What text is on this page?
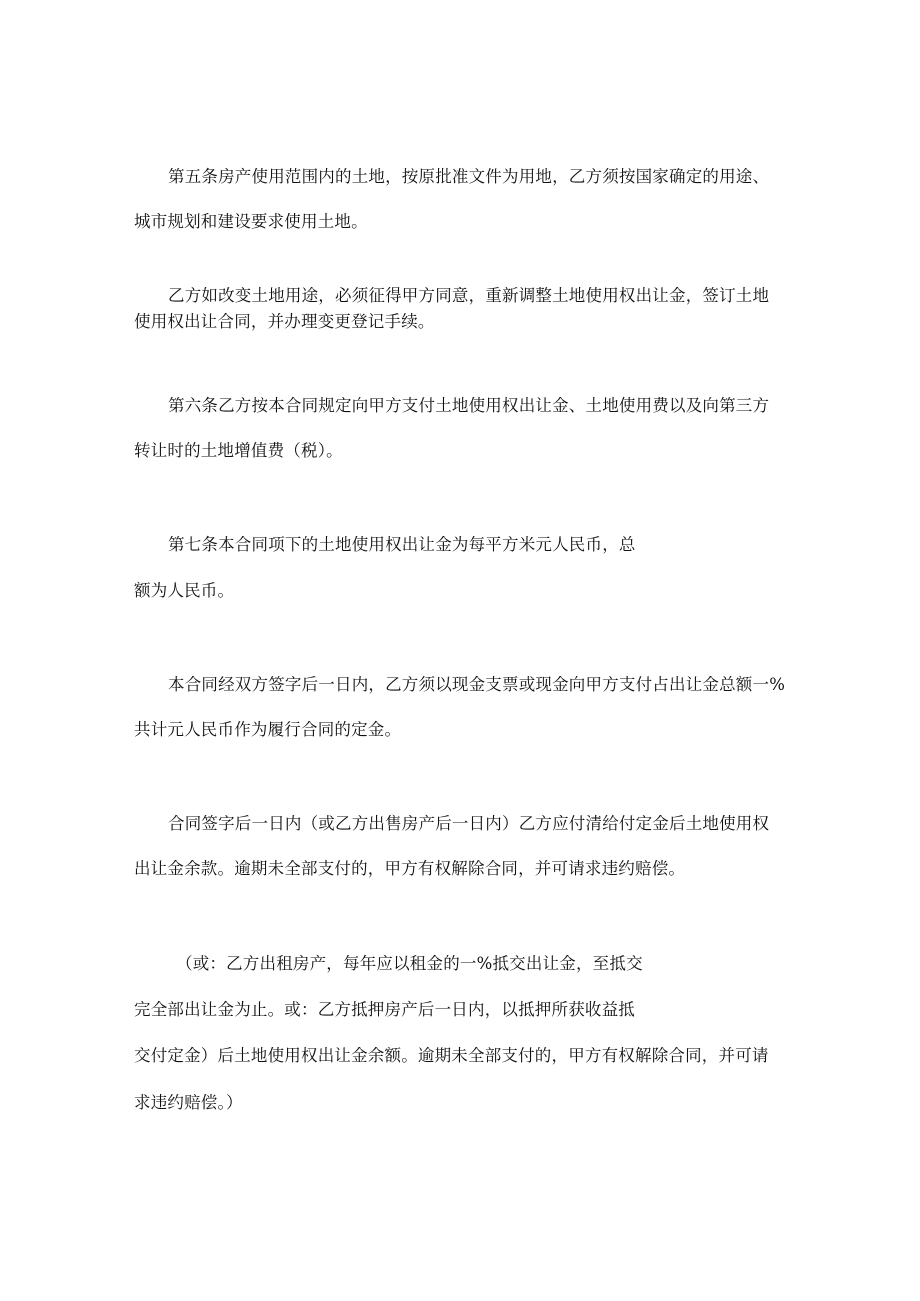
第五条房产使用范围内的土地，按原批准文件为用地，乙方须按国家确定的用途、
城市规划和建设要求使用土地。
乙方如改变土地用途，必须征得甲方同意，重新调整土地使用权出让金，签订土地
使用权出让合同，并办理变更登记手续。
第六条乙方按本合同规定向甲方支付土地使用权出让金、土地使用费以及向第三方
转让时的土地增值费（税）。
第七条本合同项下的土地使用权出让金为每平方米元人民币，总
额为人民币。
本合同经双方签字后一日内，乙方须以现金支票或现金向甲方支付占出让金总额一%
共计元人民币作为履行合同的定金。
合同签字后一日内（或乙方出售房产后一日内）乙方应付清给付定金后土地使用权
出让金余款。逾期未全部支付的，甲方有权解除合同，并可请求违约赔偿。
（或：乙方出租房产，每年应以租金的一%抵交出让金，至抵交
完全部出让金为止。或：乙方抵押房产后一日内，以抵押所获收益抵
交付定金）后土地使用权出让金余额。逾期未全部支付的，甲方有权解除合同，并可请
求违约赔偿。）
